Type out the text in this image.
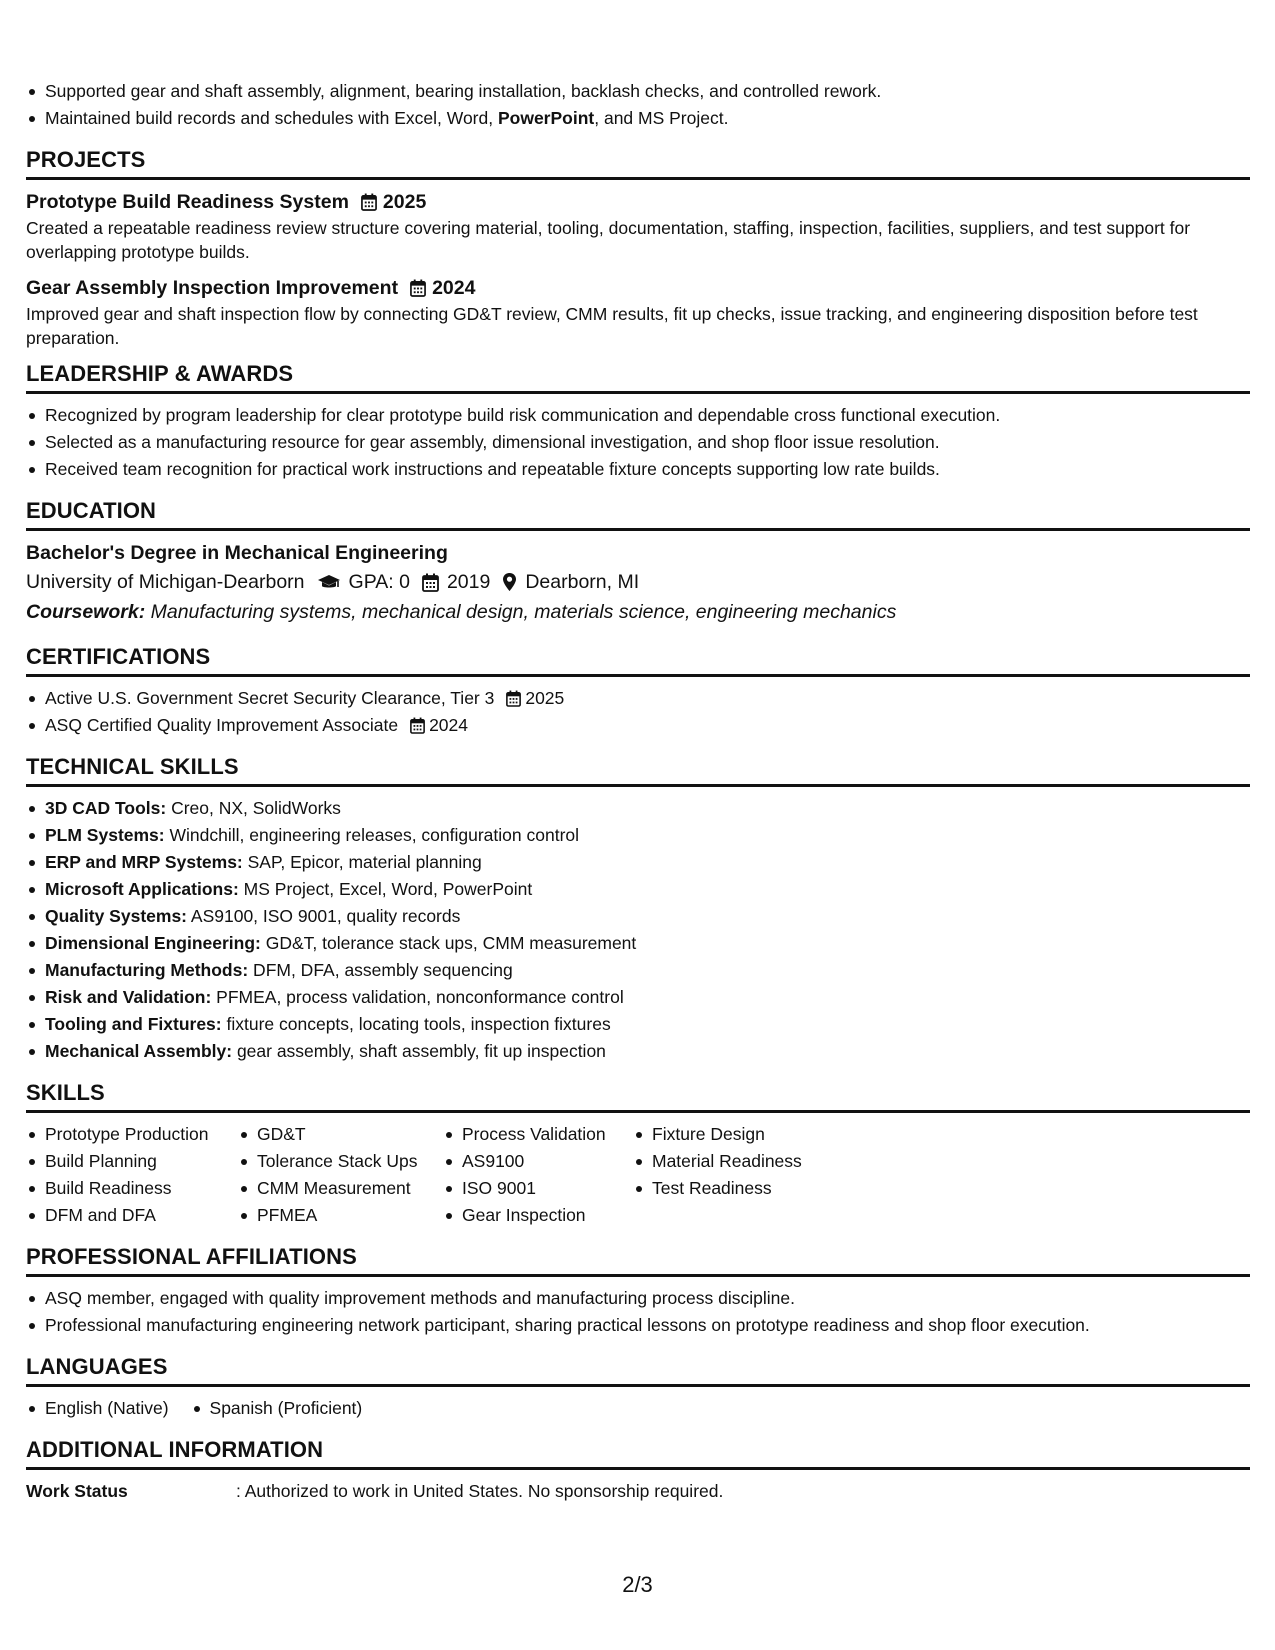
Supported gear and shaft assembly, alignment, bearing installation, backlash checks, and controlled rework.
Maintained build records and schedules with Excel, Word, PowerPoint, and MS Project.
PROJECTS
Prototype Build Readiness System 2025
Created a repeatable readiness review structure covering material, tooling, documentation, staffing, inspection, facilities, suppliers, and test support for overlapping prototype builds.
Gear Assembly Inspection Improvement 2024
Improved gear and shaft inspection flow by connecting GD&T review, CMM results, fit up checks, issue tracking, and engineering disposition before test preparation.
LEADERSHIP & AWARDS
Recognized by program leadership for clear prototype build risk communication and dependable cross functional execution.
Selected as a manufacturing resource for gear assembly, dimensional investigation, and shop floor issue resolution.
Received team recognition for practical work instructions and repeatable fixture concepts supporting low rate builds.
EDUCATION
Bachelor's Degree in Mechanical Engineering
University of Michigan-Dearborn GPA: 0 2019 Dearborn, MI
Coursework: Manufacturing systems, mechanical design, materials science, engineering mechanics
CERTIFICATIONS
Active U.S. Government Secret Security Clearance, Tier 3 2025
ASQ Certified Quality Improvement Associate 2024
TECHNICAL SKILLS
3D CAD Tools: Creo, NX, SolidWorks
PLM Systems: Windchill, engineering releases, configuration control
ERP and MRP Systems: SAP, Epicor, material planning
Microsoft Applications: MS Project, Excel, Word, PowerPoint
Quality Systems: AS9100, ISO 9001, quality records
Dimensional Engineering: GD&T, tolerance stack ups, CMM measurement
Manufacturing Methods: DFM, DFA, assembly sequencing
Risk and Validation: PFMEA, process validation, nonconformance control
Tooling and Fixtures: fixture concepts, locating tools, inspection fixtures
Mechanical Assembly: gear assembly, shaft assembly, fit up inspection
SKILLS
Prototype Production
Build Planning
Build Readiness
DFM and DFA
GD&T
Tolerance Stack Ups
CMM Measurement
PFMEA
Process Validation
AS9100
ISO 9001
Gear Inspection
Fixture Design
Material Readiness
Test Readiness
PROFESSIONAL AFFILIATIONS
ASQ member, engaged with quality improvement methods and manufacturing process discipline.
Professional manufacturing engineering network participant, sharing practical lessons on prototype readiness and shop floor execution.
LANGUAGES
English (Native)	Spanish (Proficient)
ADDITIONAL INFORMATION
Work Status	: Authorized to work in United States. No sponsorship required.
2/3
